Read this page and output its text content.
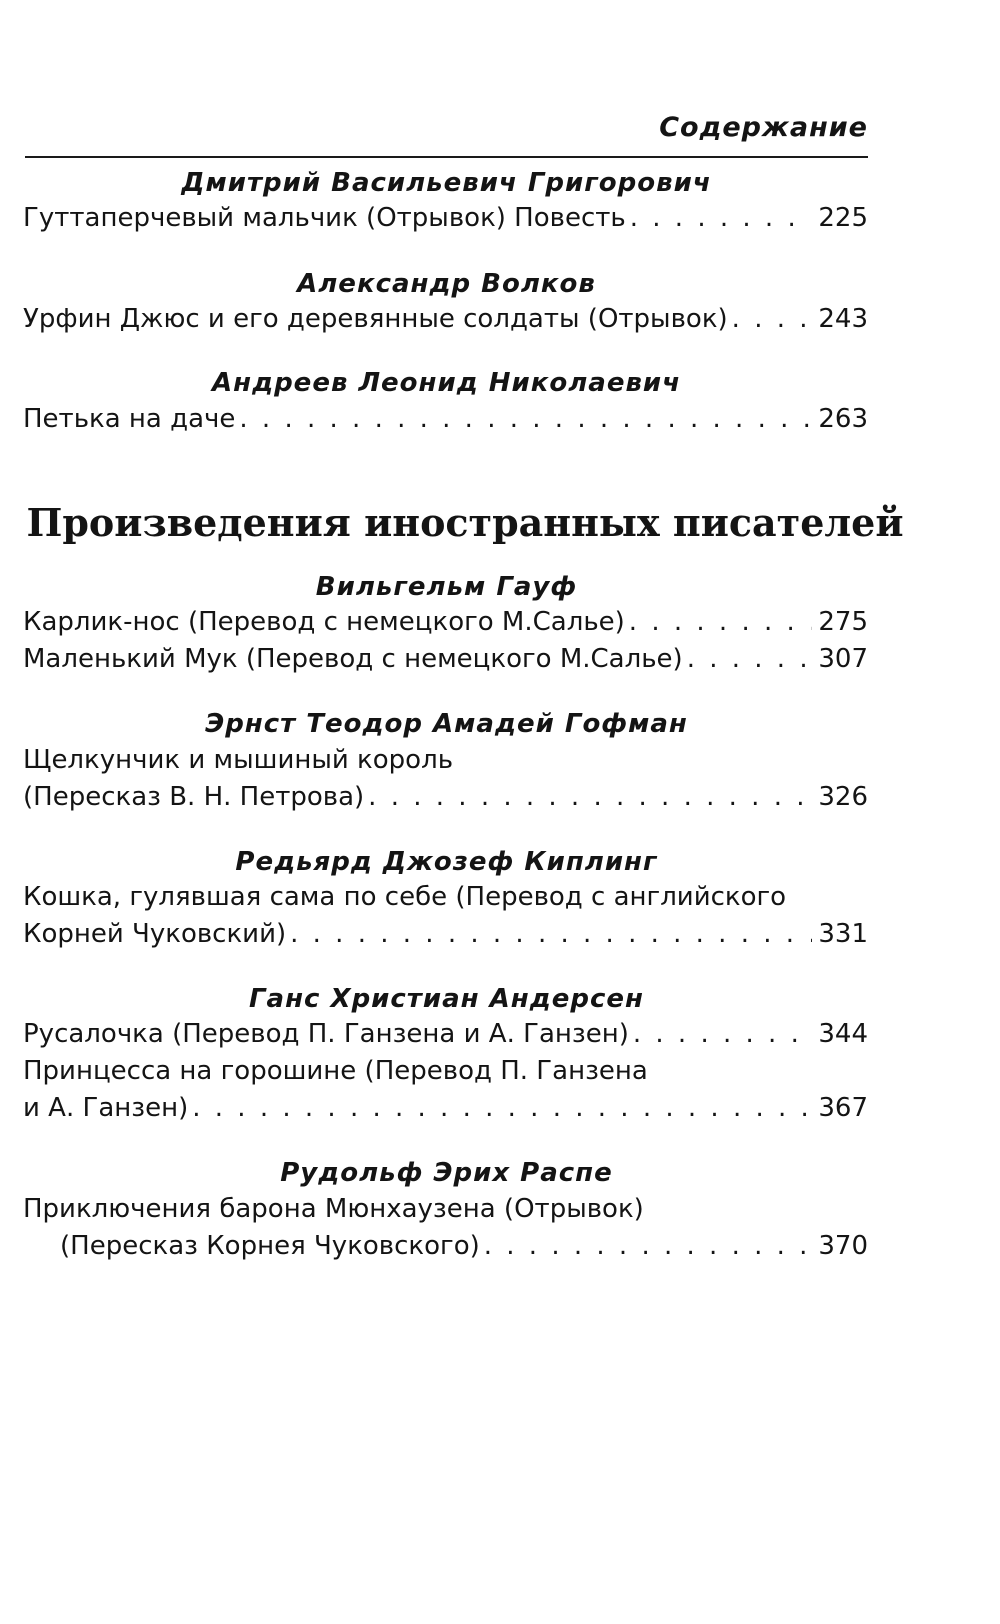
Содержание
Дмитрий Васильевич Григорович
Гуттаперчевый мальчик (Отрывок) Повесть . . .	225
Александр Волков
Урфин Джюс и его деревянные солдаты (Отрывок) . . .	243
Андреев Леонид Николаевич
Петька на даче . . .	263
Произведения иностранных писателей
Вильгельм Гауф
Карлик-нос (Перевод с немецкого М.Салье) . . .	275
Маленький Мук (Перевод с немецкого М.Салье) . . .	307
Эрнст Теодор Амадей Гофман
Щелкунчик и мышиный король
(Пересказ В. Н. Петрова) . . .	326
Редьярд Джозеф Киплинг
Кошка, гулявшая сама по себе (Перевод с английского
Корней Чуковский) . . .	331
Ганс Христиан Андерсен
Русалочка (Перевод П. Ганзена и А. Ганзен) . . .	344
Принцесса на горошине (Перевод П. Ганзена
и А. Ганзен) . . .	367
Рудольф Эрих Распе
Приключения барона Мюнхаузена (Отрывок)
(Пересказ Корнея Чуковского) . . .	370
